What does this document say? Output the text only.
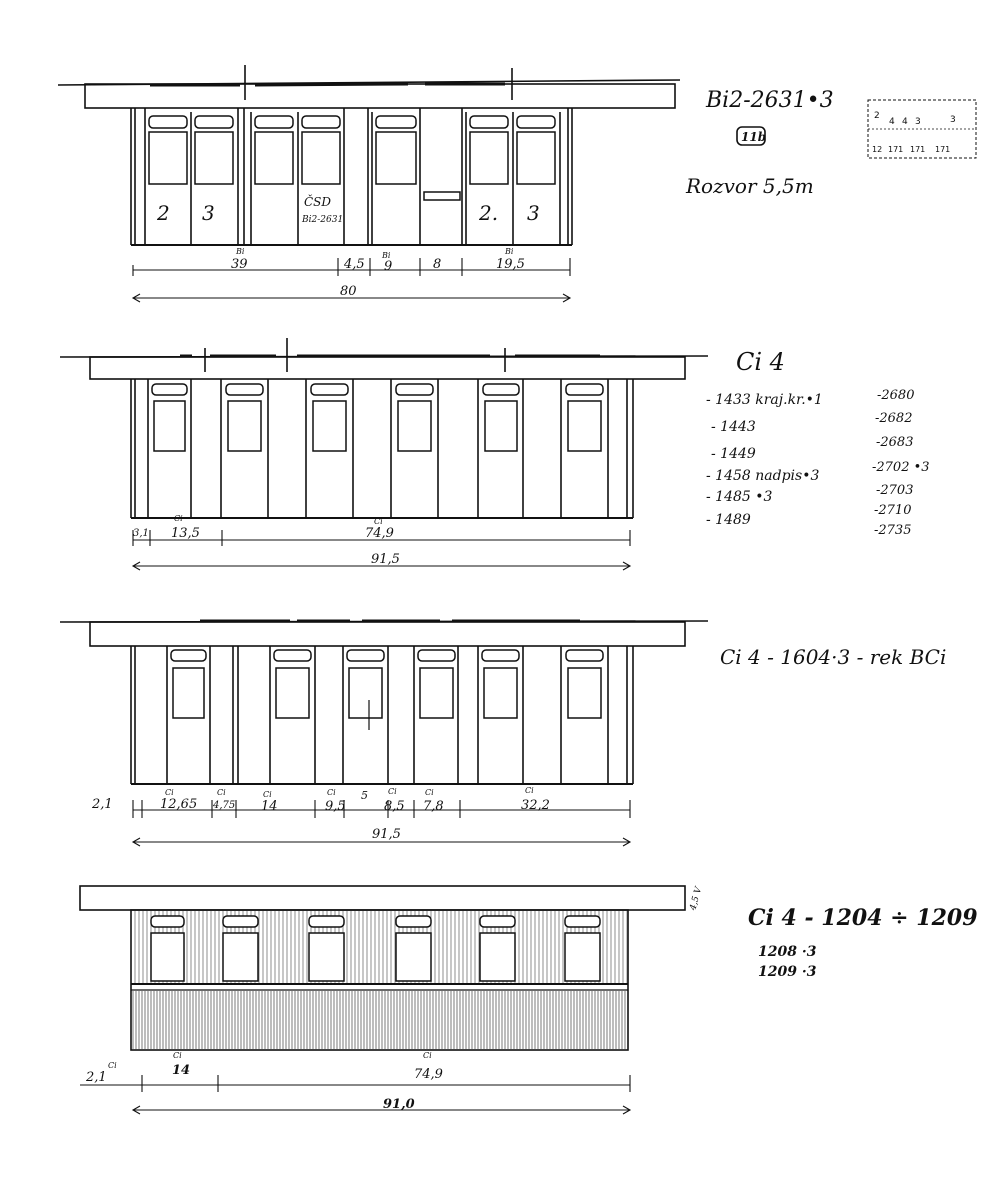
2 3	2. 3
ČSD
Bi2-2631
Bi	Bi	Bi
39	4,5 9	8	19,5
80
Bi2-2631•3
11b
Rozvor 5,5m
2
4 4 3	3
12 171 171 171
Ci	Ci
3,1 13,5	74,9
91,5
Ci 4
- 1433 kraj.kr.•1
- 1443
- 1449
- 1458 nadpis•3
- 1485 •3
- 1489
-2680
-2682
-2683
-2702 •3
-2703
-2710
-2735
Ci	Ci	Ci	Ci	Ci	Ci	Ci
2,1	12,65 4,75 14	9,5
5
8,5 7,8	32,2
91,5
Ci 4 - 1604·3 - rek BCi
Ci
Ci	Ci
2,1	14	74,9
91,0
4,5 V
Ci 4 - 1204 ÷ 1209
1208 ·3
1209 ·3
